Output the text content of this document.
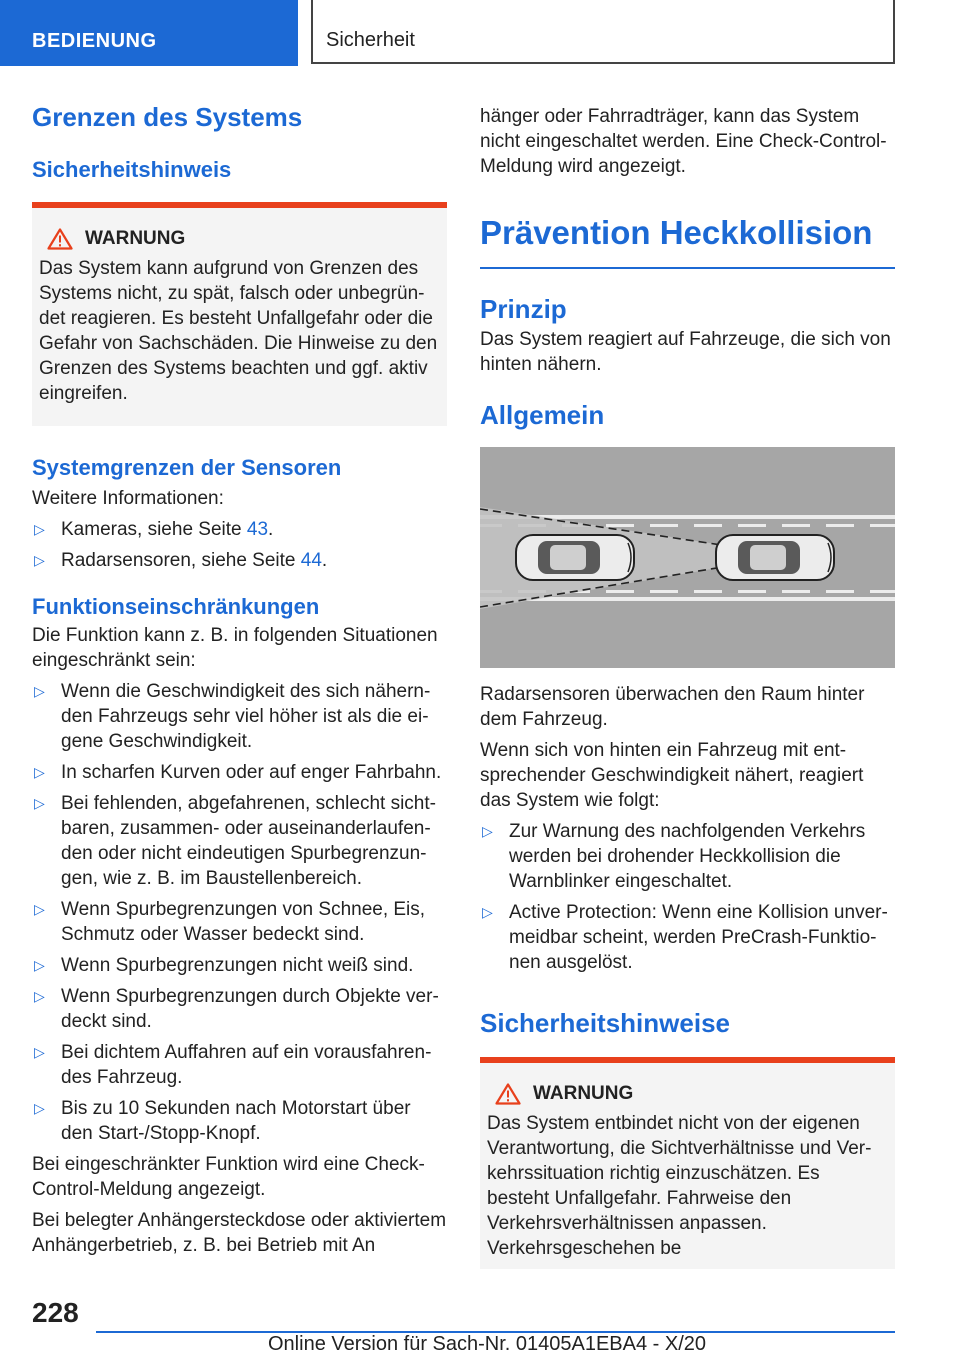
BEDIENUNG	Sicherheit
Grenzen des Systems
Sicherheitshinweis
WARNUNG

Das System kann aufgrund von Grenzen des Systems nicht, zu spät, falsch oder unbegründet reagieren. Es besteht Unfallgefahr oder die Gefahr von Sachschäden. Die Hinweise zu den Grenzen des Systems beachten und ggf. aktiv eingreifen.

Systemgrenzen der Sensoren

Weitere Informationen:

▷ Kameras, siehe Seite 43.
▷ Radarsensoren, siehe Seite 44.
Funktionseinschränkungen

Die Funktion kann z. B. in folgenden Situationen eingeschränkt sein:

▷ Wenn die Geschwindigkeit des sich nähernden Fahrzeugs sehr viel höher ist als die eigene Geschwindigkeit.
▷ In scharfen Kurven oder auf enger Fahrbahn.
▷ Bei fehlenden, abgefahrenen, schlecht sichtbaren, zusammen- oder auseinanderlaufenden oder nicht eindeutigen Spurbegrenzungen, wie z. B. im Baustellenbereich.
▷ Wenn Spurbegrenzungen von Schnee, Eis, Schmutz oder Wasser bedeckt sind.
▷ Wenn Spurbegrenzungen nicht weiß sind.
▷ Wenn Spurbegrenzungen durch Objekte verdeckt sind.
▷ Bei dichtem Auffahren auf ein vorausfahrendes Fahrzeug.
▷ Bis zu 10 Sekunden nach Motorstart über den Start-/Stopp-Knopf.

Bei eingeschränkter Funktion wird eine Check-Control-Meldung angezeigt.

Bei belegter Anhängersteckdose oder aktiviertem Anhängerbetrieb, z. B. bei Betrieb mit An

hänger oder Fahrradträger, kann das System nicht eingeschaltet werden. Eine Check-Control-Meldung wird angezeigt.

Prävention Heckkollision
Prinzip

Das System reagiert auf Fahrzeuge, die sich von hinten nähern.

Allgemein

Radarsensoren überwachen den Raum hinter dem Fahrzeug.

Wenn sich von hinten ein Fahrzeug mit entsprechender Geschwindigkeit nähert, reagiert das System wie folgt:

▷ Zur Warnung des nachfolgenden Verkehrs werden bei drohender Heckkollision die Warnblinker eingeschaltet.
▷ Active Protection: Wenn eine Kollision unvermeidbar scheint, werden PreCrash-Funktionen ausgelöst.
Sicherheitshinweise
WARNUNG

Das System entbindet nicht von der eigenen Verantwortung, die Sichtverhältnisse und Verkehrssituation richtig einzuschätzen. Es besteht Unfallgefahr. Fahrweise den Verkehrsverhältnissen anpassen. Verkehrsgeschehen be

228
Online Version für Sach-Nr. 01405A1EBA4 - X/20
